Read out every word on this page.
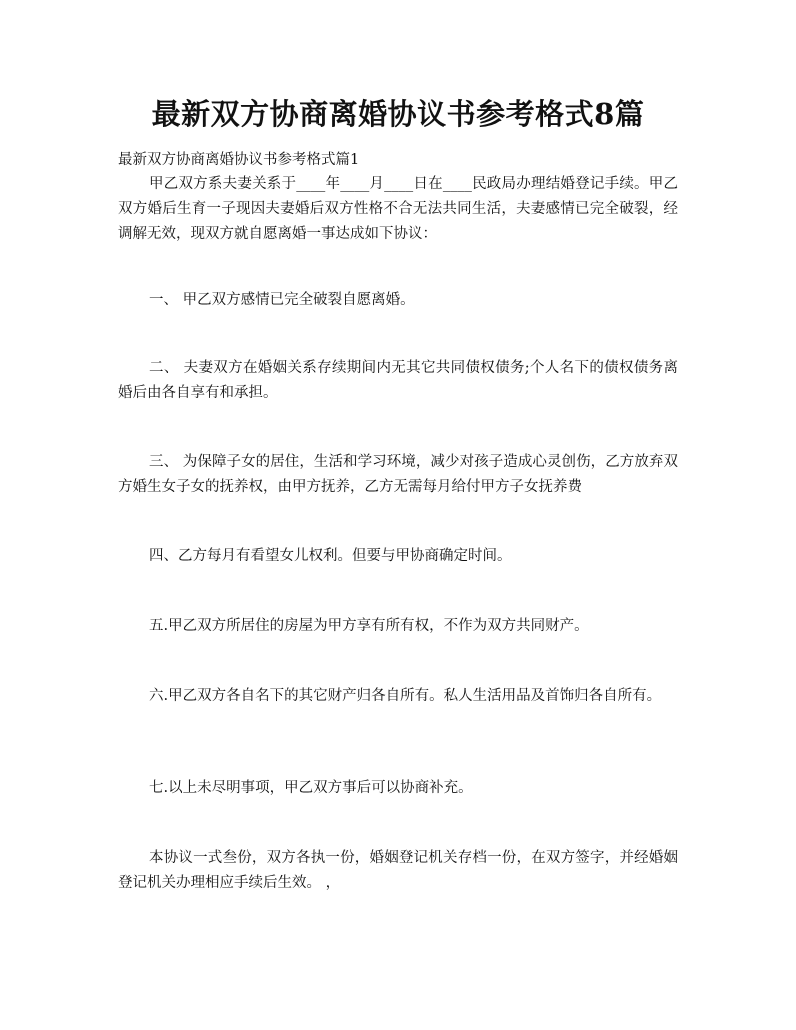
最新双方协商离婚协议书参考格式8篇
最新双方协商离婚协议书参考格式篇1
甲乙双方系夫妻关系于____年____月____日在____民政局办理结婚登记手续。甲乙双方婚后生育一子现因夫妻婚后双方性格不合无法共同生活，夫妻感情已完全破裂，经调解无效，现双方就自愿离婚一事达成如下协议：
一、 甲乙双方感情已完全破裂自愿离婚。
二、 夫妻双方在婚姻关系存续期间内无其它共同债权债务;个人名下的债权债务离婚后由各自享有和承担。
三、 为保障子女的居住，生活和学习环境，减少对孩子造成心灵创伤，乙方放弃双方婚生女子女的抚养权，由甲方抚养，乙方无需每月给付甲方子女抚养费
四、乙方每月有看望女儿权利。但要与甲协商确定时间。
五.甲乙双方所居住的房屋为甲方享有所有权，不作为双方共同财产。
六.甲乙双方各自名下的其它财产归各自所有。私人生活用品及首饰归各自所有。
七.以上未尽明事项，甲乙双方事后可以协商补充。
本协议一式叁份，双方各执一份，婚姻登记机关存档一份，在双方签字，并经婚姻登记机关办理相应手续后生效。 ，
